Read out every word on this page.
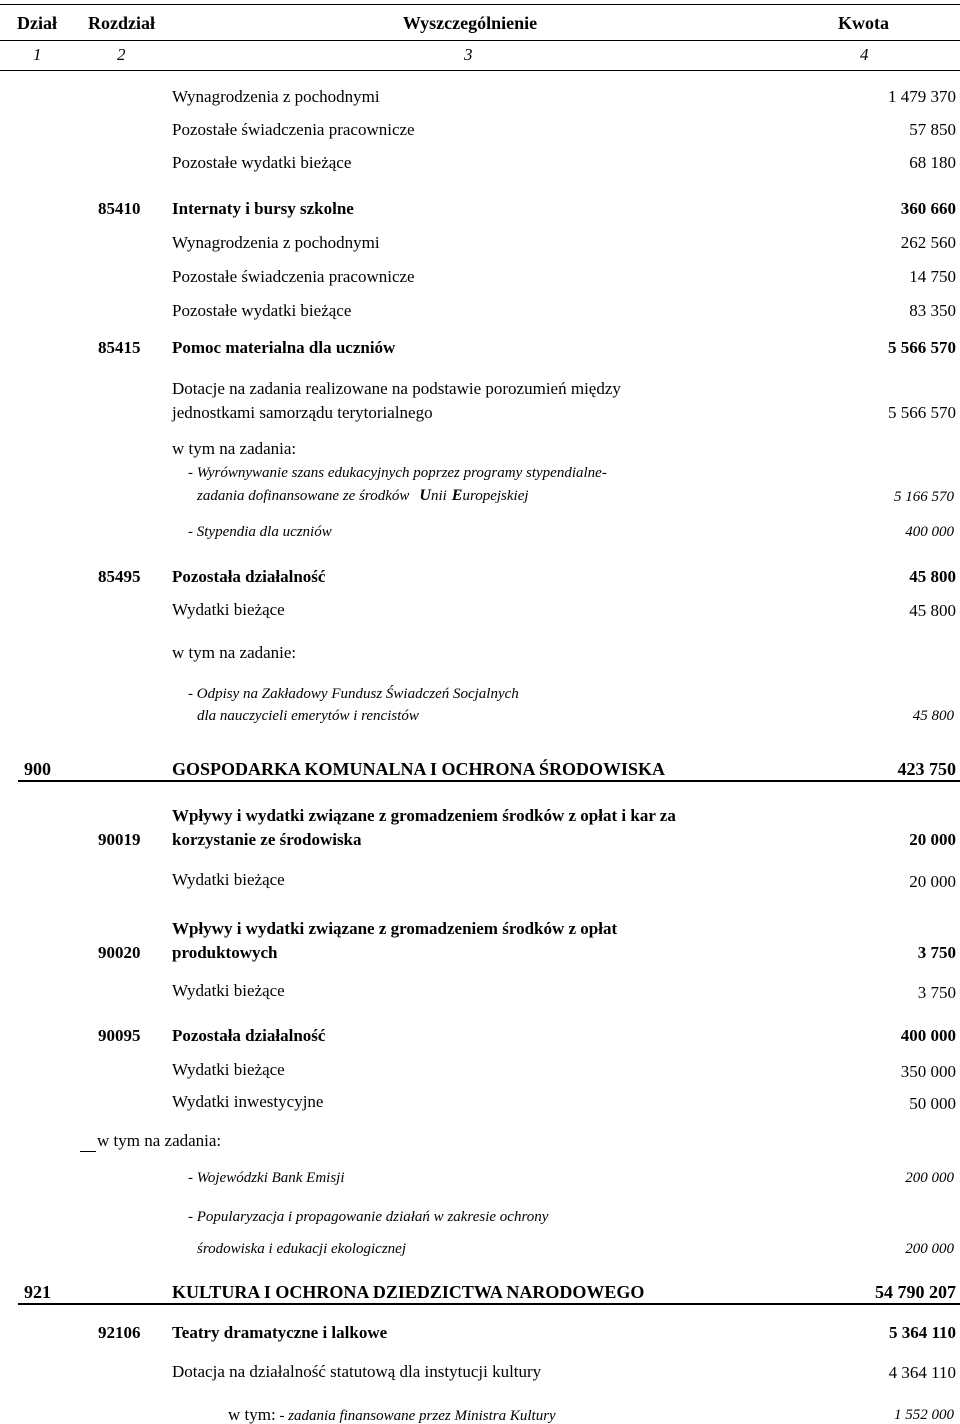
Dział Rozdział	Wyszczególnienie	Kwota
1	2	3	4
Wynagrodzenia z pochodnymi	1 479 370
Pozostałe świadczenia pracownicze	57 850
Pozostałe wydatki bieżące	68 180
85410 Internaty i bursy szkolne	360 660
Wynagrodzenia z pochodnymi	262 560
Pozostałe świadczenia pracownicze	14 750
Pozostałe wydatki bieżące	83 350
85415 Pomoc materialna dla uczniów	5 566 570
Dotacje na zadania realizowane na podstawie porozumień między
jednostkami samorządu terytorialnego	5 566 570
w tym na zadania:
- Wyrównywanie szans edukacyjnych poprzez programy stypendialne-
zadania dofinansowane ze środków Unii Europejskiej	5 166 570
- Stypendia dla uczniów	400 000
85495 Pozostała działalność	45 800
Wydatki bieżące	45 800
w tym na zadanie:
- Odpisy na Zakładowy Fundusz Świadczeń Socjalnych
dla nauczycieli emerytów i rencistów	45 800
900	GOSPODARKA KOMUNALNA I OCHRONA ŚRODOWISKA	423 750
Wpływy i wydatki związane z gromadzeniem środków z opłat i kar za
90019 korzystanie ze środowiska	20 000
Wydatki bieżące	20 000
Wpływy i wydatki związane z gromadzeniem środków z opłat
90020 produktowych	3 750
Wydatki bieżące	3 750
90095 Pozostała działalność	400 000
Wydatki bieżące	350 000
Wydatki inwestycyjne	50 000
w tym na zadania:
- Wojewódzki Bank Emisji	200 000
- Popularyzacja i propagowanie działań w zakresie ochrony
środowiska i edukacji ekologicznej	200 000
921	KULTURA I OCHRONA DZIEDZICTWA NARODOWEGO	54 790 207
92106 Teatry dramatyczne i lalkowe	5 364 110
Dotacja na działalność statutową dla instytucji kultury	4 364 110
w tym: - zadania finansowane przez Ministra Kultury	1 552 000
